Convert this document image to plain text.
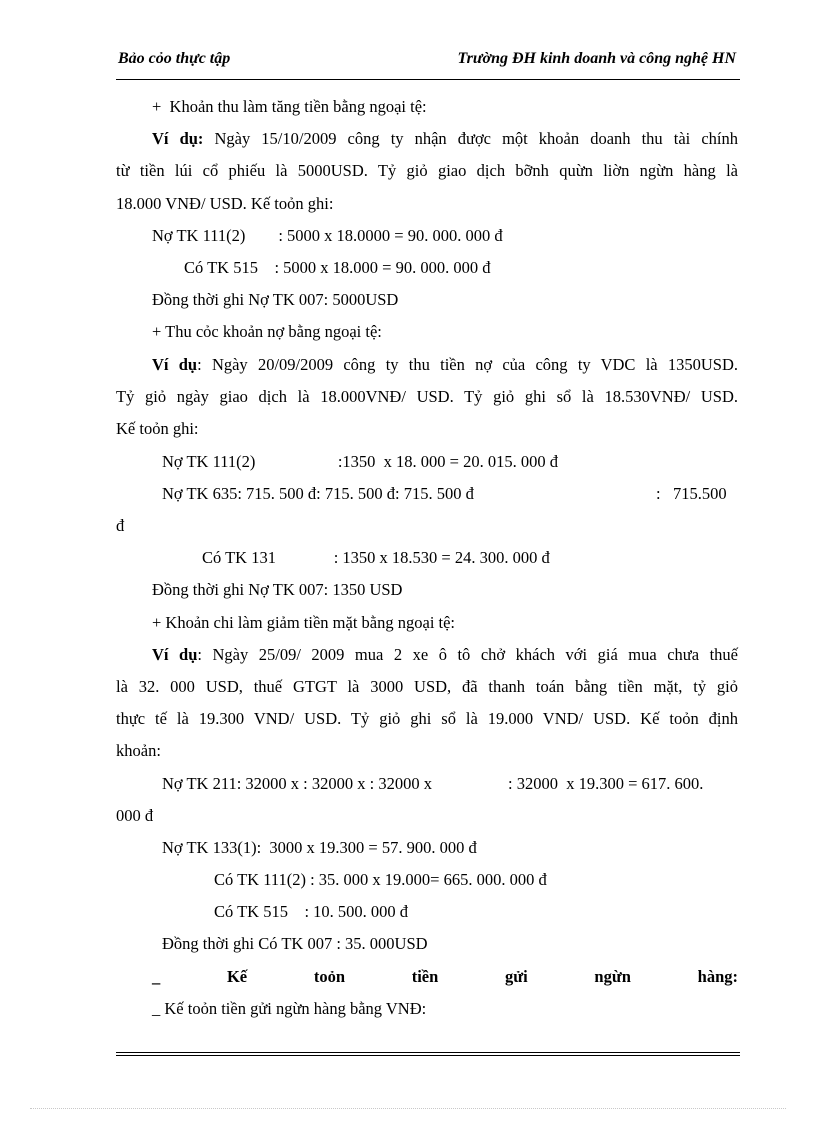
Bảo cỏo thực tập	Trường ĐH kinh doanh và công nghệ HN
+  Khoản thu làm tăng tiền bằng ngoại tệ:
Ví dụ: Ngày 15/10/2009 công ty nhận được một khoản doanh thu tài chính
từ tiền lúi cổ phiếu là 5000USD. Tỷ giỏ giao dịch bỡnh quừn liờn ngừn hàng là
18.000 VNĐ/ USD. Kế toỏn ghi:
Nợ TK 111(2)        : 5000 x 18.0000 = 90. 000. 000 đ
Có TK 515    : 5000 x 18.000 = 90. 000. 000 đ
Đồng thời ghi Nợ TK 007: 5000USD
+ Thu cỏc khoản nợ bằng ngoại tệ:
Ví dụ: Ngày 20/09/2009 công ty thu tiền nợ của công ty VDC là 1350USD.
Tỷ giỏ ngày giao dịch là 18.000VNĐ/ USD. Tỷ giỏ ghi sổ là 18.530VNĐ/ USD.
Kế toỏn ghi:
Nợ TK 111(2)                    :1350  x 18. 000 = 20. 015. 000 đ
Nợ TK 635: 715. 500 đ: 715. 500 đ: 715. 500 đ	:   715.500
đ
Có TK 131              : 1350 x 18.530 = 24. 300. 000 đ
Đồng thời ghi Nợ TK 007: 1350 USD
+ Khoản chi làm giảm tiền mặt bằng ngoại tệ:
Ví dụ: Ngày 25/09/ 2009 mua 2 xe ô tô chở khách với giá mua chưa thuế
là 32. 000 USD, thuế GTGT là 3000 USD, đã thanh toán bằng tiền mặt, tỷ giỏ
thực tế là 19.300 VND/ USD. Tỷ giỏ ghi sổ là 19.000 VND/ USD. Kế toỏn định
khoản:
Nợ TK 211: 32000 x : 32000 x : 32000 x	: 32000  x 19.300 = 617. 600.
000 đ
Nợ TK 133(1):  3000 x 19.300 = 57. 900. 000 đ
Có TK 111(2) : 35. 000 x 19.000= 665. 000. 000 đ
Có TK 515    : 10. 500. 000 đ
Đồng thời ghi Có TK 007 : 35. 000USD
_ Kế toỏn tiền gửi ngừn hàng:
_ Kế toỏn tiền gửi ngừn hàng bằng VNĐ:
